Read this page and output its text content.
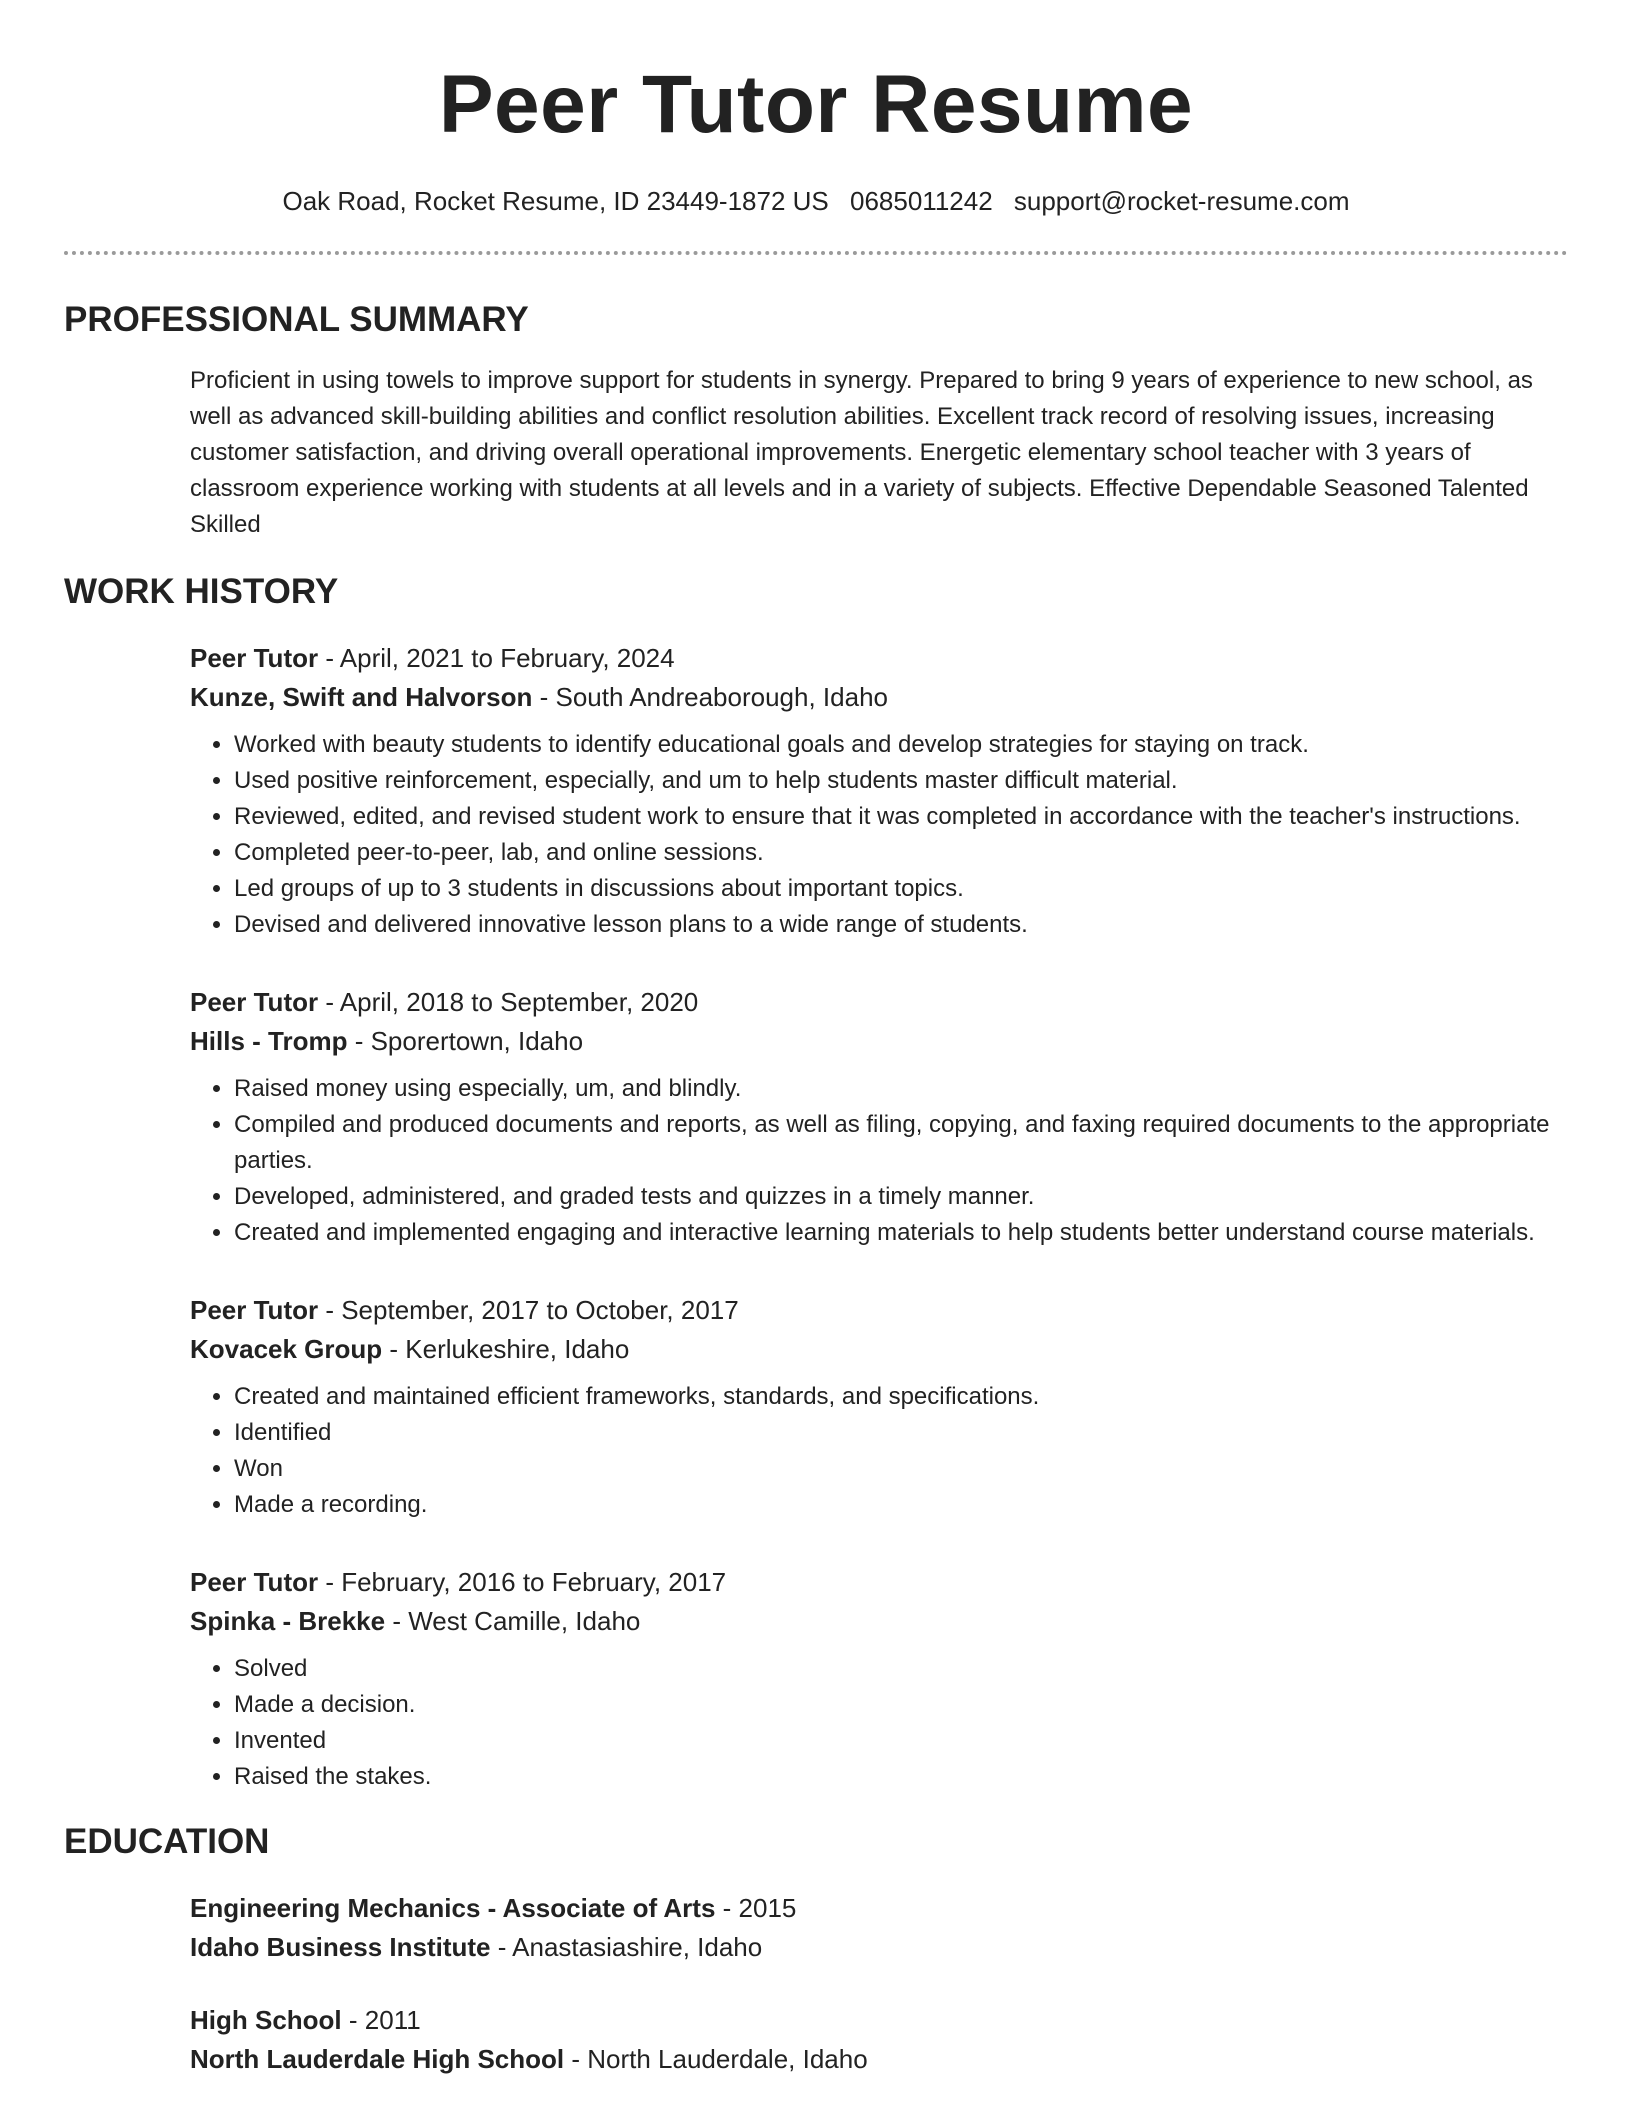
Peer Tutor Resume
Oak Road, Rocket Resume, ID 23449-1872 US 0685011242 support@rocket-resume.com
PROFESSIONAL SUMMARY
Proficient in using towels to improve support for students in synergy. Prepared to bring 9 years of experience to new school, as well as advanced skill-building abilities and conflict resolution abilities. Excellent track record of resolving issues, increasing customer satisfaction, and driving overall operational improvements. Energetic elementary school teacher with 3 years of classroom experience working with students at all levels and in a variety of subjects. Effective Dependable Seasoned Talented Skilled
WORK HISTORY
Peer Tutor - April, 2021 to February, 2024
Kunze, Swift and Halvorson - South Andreaborough, Idaho
• Worked with beauty students to identify educational goals and develop strategies for staying on track.
• Used positive reinforcement, especially, and um to help students master difficult material.
• Reviewed, edited, and revised student work to ensure that it was completed in accordance with the teacher's instructions.
• Completed peer-to-peer, lab, and online sessions.
• Led groups of up to 3 students in discussions about important topics.
• Devised and delivered innovative lesson plans to a wide range of students.
Peer Tutor - April, 2018 to September, 2020
Hills - Tromp - Sporertown, Idaho
• Raised money using especially, um, and blindly.
• Compiled and produced documents and reports, as well as filing, copying, and faxing required documents to the appropriate parties.
• Developed, administered, and graded tests and quizzes in a timely manner.
• Created and implemented engaging and interactive learning materials to help students better understand course materials.
Peer Tutor - September, 2017 to October, 2017
Kovacek Group - Kerlukeshire, Idaho
• Created and maintained efficient frameworks, standards, and specifications.
• Identified
• Won
• Made a recording.
Peer Tutor - February, 2016 to February, 2017
Spinka - Brekke - West Camille, Idaho
• Solved
• Made a decision.
• Invented
• Raised the stakes.
EDUCATION
Engineering Mechanics - Associate of Arts - 2015
Idaho Business Institute - Anastasiashire, Idaho
High School - 2011
North Lauderdale High School - North Lauderdale, Idaho
